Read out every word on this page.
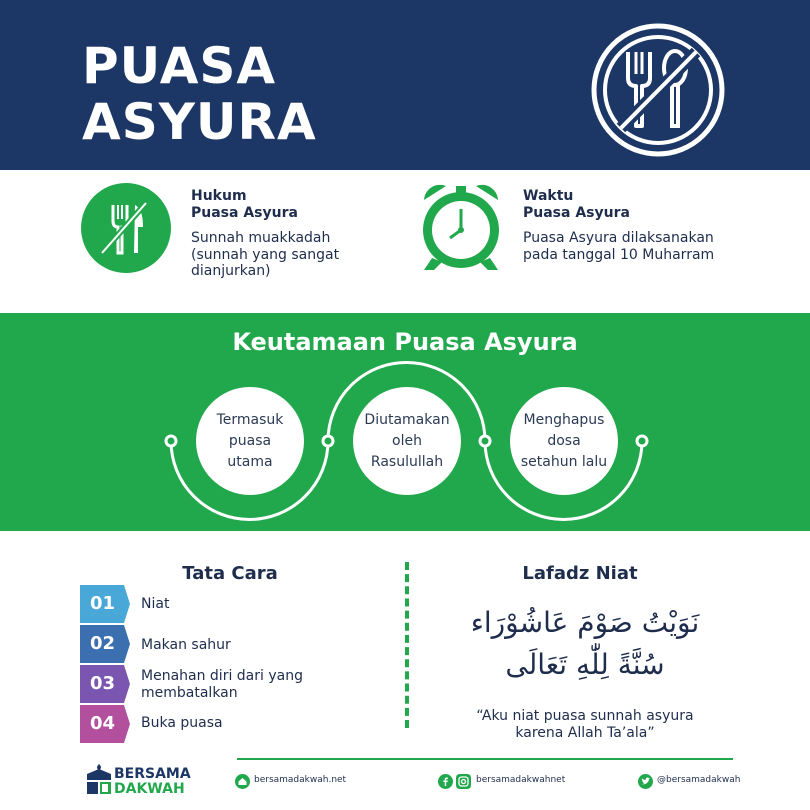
PUASA
ASYURA
Hukum
Puasa Asyura
Sunnah muakkadah
(sunnah yang sangat
dianjurkan)
Waktu
Puasa Asyura
Puasa Asyura dilaksanakan
pada tanggal 10 Muharram
Keutamaan Puasa Asyura
Termasuk
puasa
utama
Diutamakan
oleh
Rasulullah
Menghapus
dosa
setahun lalu
Tata Cara
01	Niat
02	Makan sahur
03	Menahan diri dari yang
membatalkan
04	Buka puasa
Lafadz Niat
نَوَيْتُ صَوْمَ عَاشُوْرَاء
سُنَّةً لِلّٰهِ تَعَالَى
“Aku niat puasa sunnah asyura
karena Allah Ta’ala”
BERSAMA
DAKWAH
bersamadakwah.net	bersamadakwahnet	@bersamadakwah
